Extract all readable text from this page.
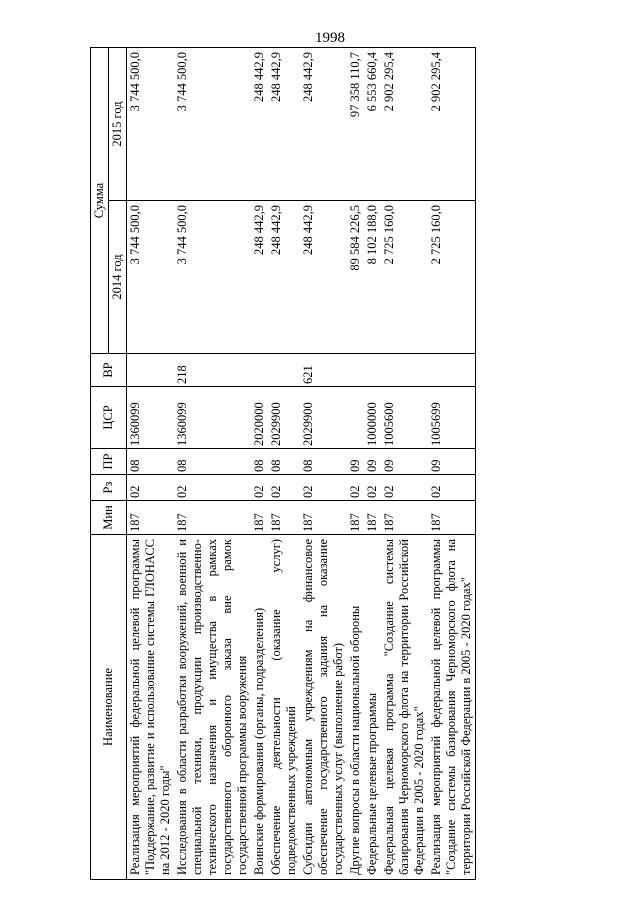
1998
Наименование	Мин	Рз	ПР	ЦСР	ВР	Сумма	
						2014 год	2015 год
Реализация мероприятий федеральной целевой программы "Поддержание, развитие и использование системы ГЛОНАСС на 2012 - 2020 годы"	187	02	08	1360099		3 744 500,0	3 744 500,0
Исследования в области разработки вооружений, военной и специальной техники, продукции производственно-технического назначения и имущества в рамках государственного оборонного заказа вне рамок государственной программы вооружения	187	02	08	1360099	218	3 744 500,0	3 744 500,0
Воинские формирования (органы, подразделения)	187	02	08	2020000		248 442,9	248 442,9
Обеспечение деятельности (оказание услуг) подведомственных учреждений	187	02	08	2029900		248 442,9	248 442,9
Субсидии автономным учреждениям на финансовое обеспечение государственного задания на оказание государственных услуг (выполнение работ)	187	02	08	2029900	621	248 442,9	248 442,9
Другие вопросы в области национальной обороны	187	02	09			89 584 226,5	97 358 110,7
Федеральные целевые программы	187	02	09	1000000		8 102 188,0	6 553 660,4
Федеральная целевая программа "Создание системы базирования Черноморского флота на территории Российской Федерации в 2005 - 2020 годах"	187	02	09	1005600		2 725 160,0	2 902 295,4
Реализация мероприятий федеральной целевой программы "Создание системы базирования Черноморского флота на территории Российской Федерации в 2005 - 2020 годах"	187	02	09	1005699		2 725 160,0	2 902 295,4
